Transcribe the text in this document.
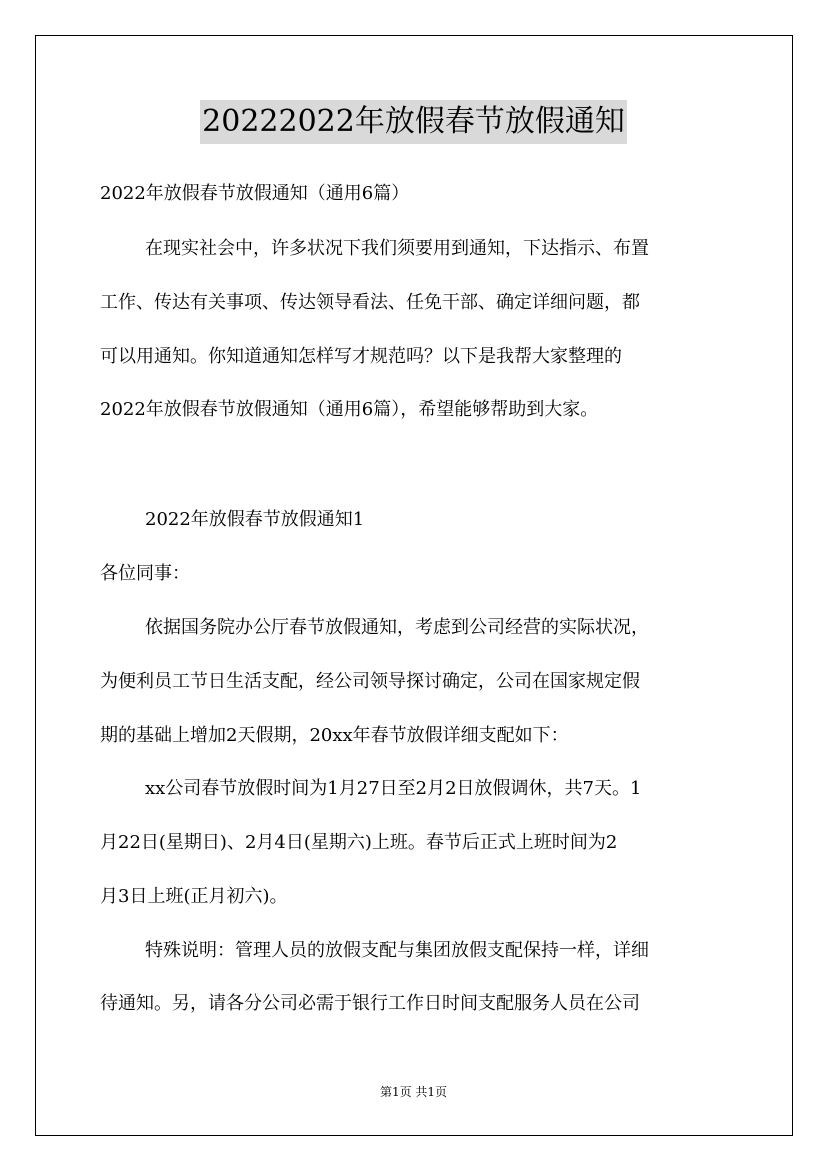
20222022年放假春节放假通知
2022年放假春节放假通知（通用6篇）
在现实社会中，许多状况下我们须要用到通知，下达指示、布置
工作、传达有关事项、传达领导看法、任免干部、确定详细问题，都
可以用通知。你知道通知怎样写才规范吗？以下是我帮大家整理的
2022年放假春节放假通知（通用6篇），希望能够帮助到大家。
2022年放假春节放假通知1
各位同事：
依据国务院办公厅春节放假通知，考虑到公司经营的实际状况，
为便利员工节日生活支配，经公司领导探讨确定，公司在国家规定假
期的基础上增加2天假期，20xx年春节放假详细支配如下：
xx公司春节放假时间为1月27日至2月2日放假调休，共7天。1
月22日(星期日)、2月4日(星期六)上班。春节后正式上班时间为2
月3日上班(正月初六)。
特殊说明：管理人员的放假支配与集团放假支配保持一样，详细
待通知。另，请各分公司必需于银行工作日时间支配服务人员在公司
第1页 共1页
